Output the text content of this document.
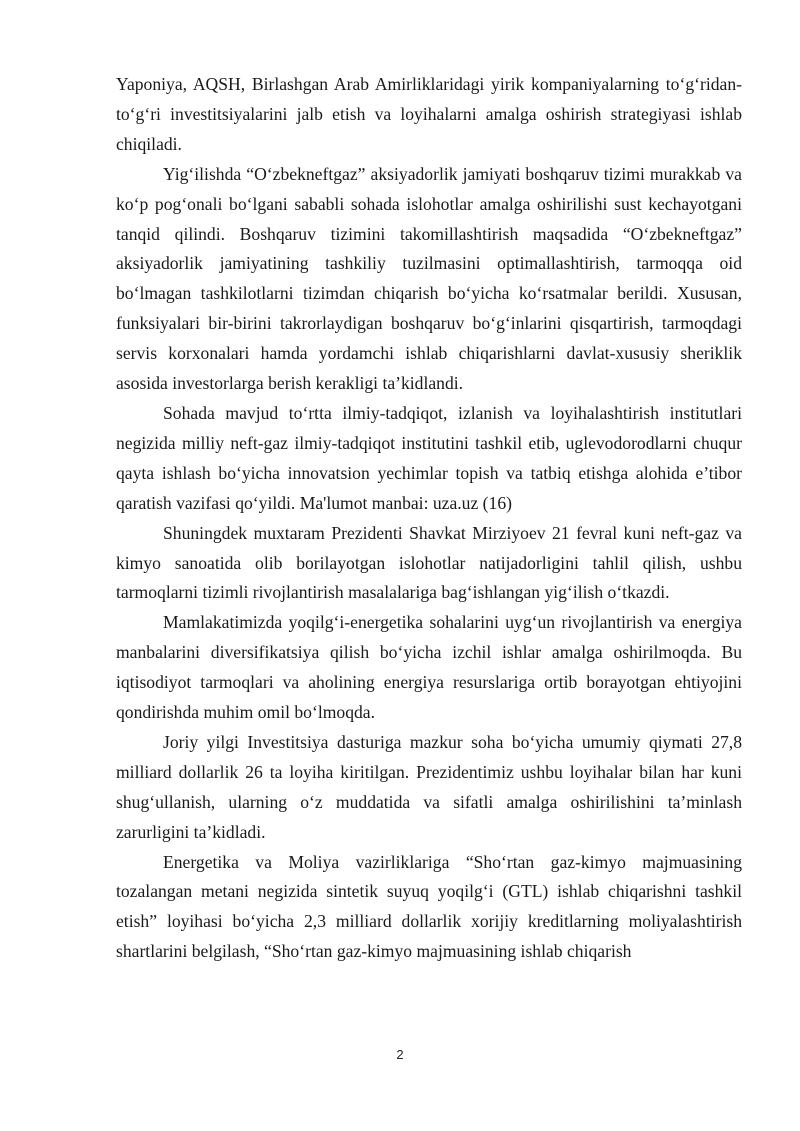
Yaponiya, AQSH, Birlashgan Arab Amirliklaridagi yirik kompaniyalarning to‘g‘ridan-to‘g‘ri investitsiyalarini jalb etish va loyihalarni amalga oshirish strategiyasi ishlab chiqiladi.

Yig‘ilishda “O‘zbekneftgaz” aksiyadorlik jamiyati boshqaruv tizimi murakkab va ko‘p pog‘onali bo‘lgani sababli sohada islohotlar amalga oshirilishi sust kechayotgani tanqid qilindi. Boshqaruv tizimini takomillashtirish maqsadida “O‘zbekneftgaz” aksiyadorlik jamiyatining tashkiliy tuzilmasini optimallashtirish, tarmoqqa oid bo‘lmagan tashkilotlarni tizimdan chiqarish bo‘yicha ko‘rsatmalar berildi. Xususan, funksiyalari bir-birini takrorlaydigan boshqaruv bo‘g‘inlarini qisqartirish, tarmoqdagi servis korxonalari hamda yordamchi ishlab chiqarishlarni davlat-xususiy sheriklik asosida investorlarga berish kerakligi ta’kidlandi.

Sohada mavjud to‘rtta ilmiy-tadqiqot, izlanish va loyihalashtirish institutlari negizida milliy neft-gaz ilmiy-tadqiqot institutini tashkil etib, uglevodorodlarni chuqur qayta ishlash bo‘yicha innovatsion yechimlar topish va tatbiq etishga alohida e’tibor qaratish vazifasi qo‘yildi. Ma'lumot manbai: uza.uz (16)

Shuningdek muxtaram Prezidenti Shavkat Mirziyoev 21 fevral kuni neft-gaz va kimyo sanoatida olib borilayotgan islohotlar natijadorligini tahlil qilish, ushbu tarmoqlarni tizimli rivojlantirish masalalariga bag‘ishlangan yig‘ilish o‘tkazdi.

Mamlakatimizda yoqilg‘i-energetika sohalarini uyg‘un rivojlantirish va energiya manbalarini diversifikatsiya qilish bo‘yicha izchil ishlar amalga oshirilmoqda. Bu iqtisodiyot tarmoqlari va aholining energiya resurslariga ortib borayotgan ehtiyojini qondirishda muhim omil bo‘lmoqda.

Joriy yilgi Investitsiya dasturiga mazkur soha bo‘yicha umumiy qiymati 27,8 milliard dollarlik 26 ta loyiha kiritilgan. Prezidentimiz ushbu loyihalar bilan har kuni shug‘ullanish, ularning o‘z muddatida va sifatli amalga oshirilishini ta’minlash zarurligini ta’kidladi.

Energetika va Moliya vazirliklariga “Sho‘rtan gaz-kimyo majmuasining tozalangan metani negizida sintetik suyuq yoqilg‘i (GTL) ishlab chiqarishni tashkil etish” loyihasi bo‘yicha 2,3 milliard dollarlik xorijiy kreditlarning moliyalashtirish shartlarini belgilash, “Sho‘rtan gaz-kimyo majmuasining ishlab chiqarish

2
